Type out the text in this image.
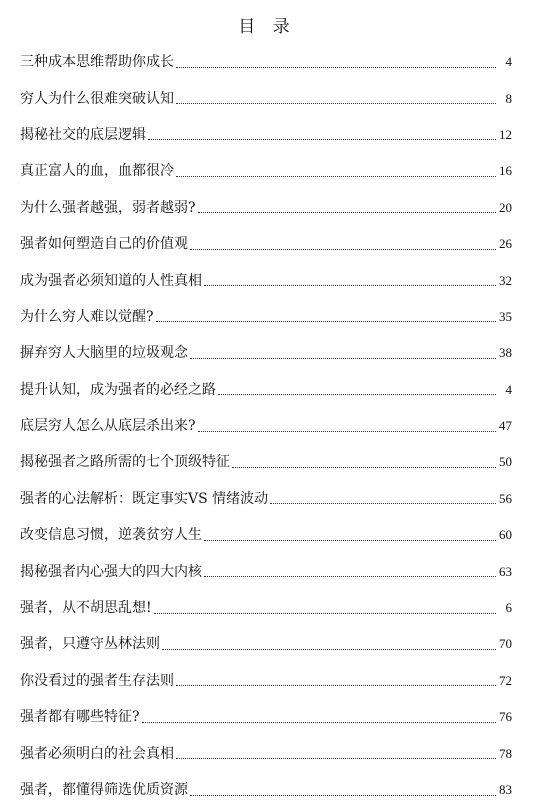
目 录
三种成本思维帮助你成长	4
穷人为什么很难突破认知	8
揭秘社交的底层逻辑	12
真正富人的血，血都很冷	16
为什么强者越强，弱者越弱?	20
强者如何塑造自己的价值观	26
成为强者必须知道的人性真相	32
为什么穷人难以觉醒?	35
摒弃穷人大脑里的垃圾观念	38
提升认知，成为强者的必经之路	4
底层穷人怎么从底层杀出来?	47
揭秘强者之路所需的七个顶级特征	50
强者的心法解析：既定事实VS 情绪波动	56
改变信息习惯，逆袭贫穷人生	60
揭秘强者内心强大的四大内核	63
强者，从不胡思乱想!	6
强者，只遵守丛林法则	70
你没看过的强者生存法则	72
强者都有哪些特征?	76
强者必须明白的社会真相	78
强者，都懂得筛选优质资源	83
